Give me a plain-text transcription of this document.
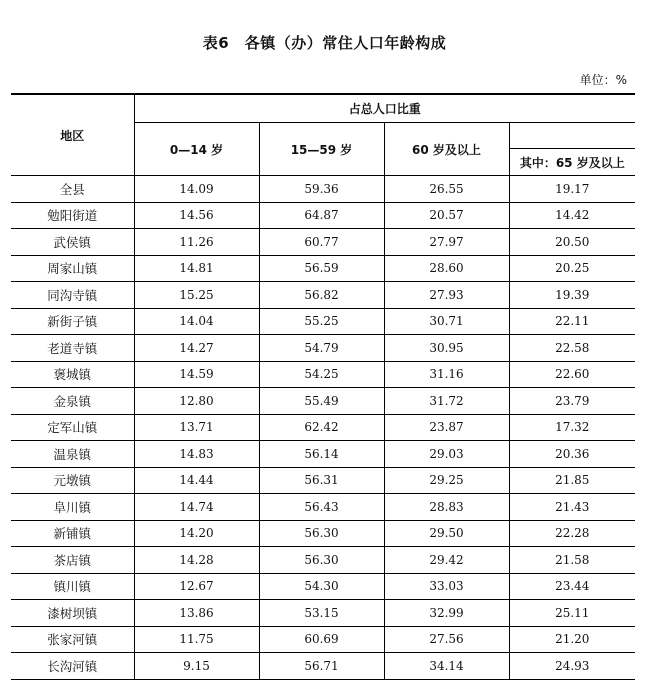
表6　各镇（办）常住人口年龄构成
单位：%
地区	占总人口比重			
	0—14 岁	15—59 岁	60 岁及以上	
				其中：65 岁及以上
全县	14.09	59.36	26.55	19.17
勉阳街道	14.56	64.87	20.57	14.42
武侯镇	11.26	60.77	27.97	20.50
周家山镇	14.81	56.59	28.60	20.25
同沟寺镇	15.25	56.82	27.93	19.39
新街子镇	14.04	55.25	30.71	22.11
老道寺镇	14.27	54.79	30.95	22.58
褒城镇	14.59	54.25	31.16	22.60
金泉镇	12.80	55.49	31.72	23.79
定军山镇	13.71	62.42	23.87	17.32
温泉镇	14.83	56.14	29.03	20.36
元墩镇	14.44	56.31	29.25	21.85
阜川镇	14.74	56.43	28.83	21.43
新铺镇	14.20	56.30	29.50	22.28
茶店镇	14.28	56.30	29.42	21.58
镇川镇	12.67	54.30	33.03	23.44
漆树坝镇	13.86	53.15	32.99	25.11
张家河镇	11.75	60.69	27.56	21.20
长沟河镇	9.15	56.71	34.14	24.93
